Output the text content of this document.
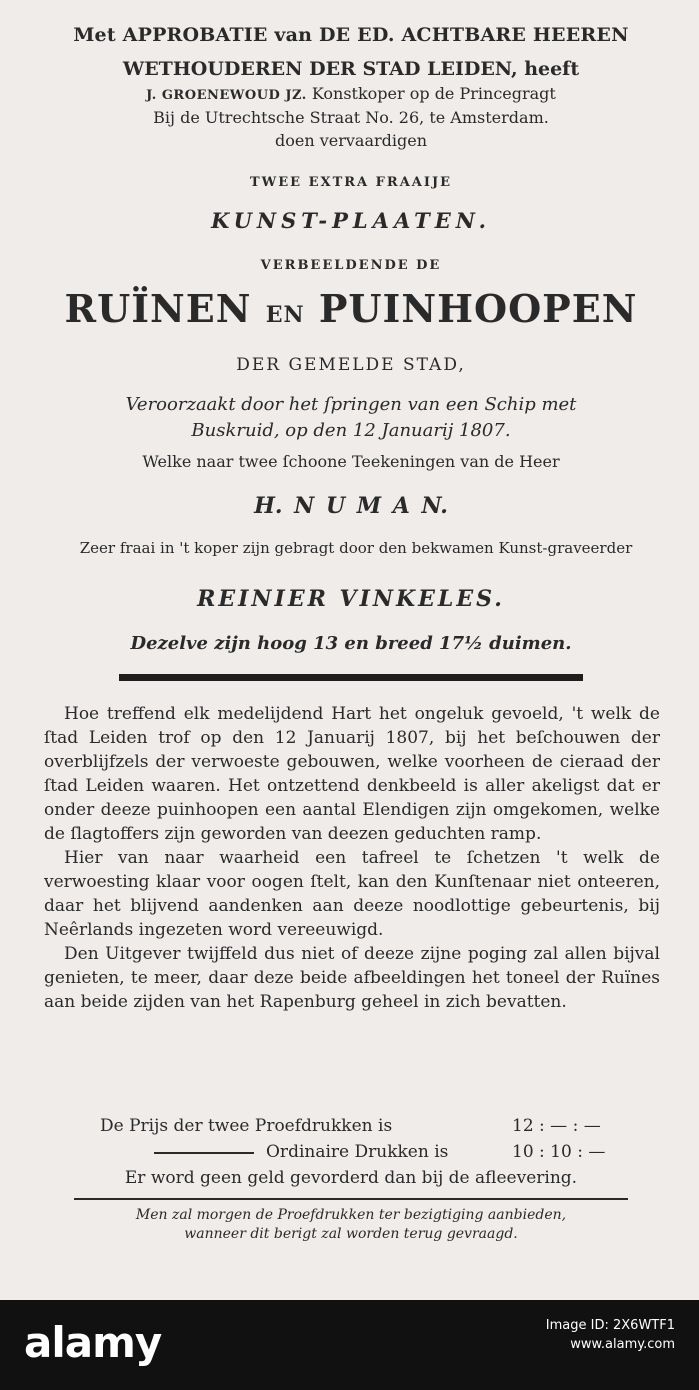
Met APPROBATIE van DE ED. ACHTBARE HEEREN

WETHOUDEREN DER STAD LEIDEN, heeft

J. GROENEWOUD JZ. Konstkoper op de Princegragt

Bij de Utrechtsche Straat No. 26, te Amsterdam.

doen vervaardigen

TWEE EXTRA FRAAIJE

KUNST-PLAATEN.

VERBEELDENDE DE

RUÏNEN EN PUINHOOPEN

DER GEMELDE STAD,

Veroorzaakt door het ſpringen van een Schip met
Buskruid, op den 12 Januarij 1807.

Welke naar twee ſchoone Teekeningen van de Heer

H. N U M A N.

Zeer fraai in 't koper zijn gebragt door den bekwamen Kunst-graveerder

REINIER VINKELES.

Dezelve zijn hoog 13 en breed 17½ duimen.

Hoe treffend elk medelijdend Hart het ongeluk gevoeld, 't welk de ſtad Leiden trof op den 12 Januarij 1807, bij het beſchouwen der overblijfzels der verwoeste gebouwen, welke voorheen de cieraad der ſtad Leiden waaren. Het ontzettend denkbeeld is aller akeligst dat er onder deeze puinhoopen een aantal Elendigen zijn omgekomen, welke de ſlagtoffers zijn geworden van deezen geduchten ramp.

Hier van naar waarheid een tafreel te ſchetzen 't welk de verwoesting klaar voor oogen ſtelt, kan den Kunſtenaar niet onteeren, daar het blijvend aandenken aan deeze noodlottige gebeurtenis, bij Neêrlands ingezeten word vereeuwigd.

Den Uitgever twijffeld dus niet of deeze zijne poging zal allen bijval genieten, te meer, daar deze beide afbeeldingen het toneel der Ruïnes aan beide zijden van het Rapenburg geheel in zich bevatten.

De Prijs der twee Proefdrukken is	12 : — : —
Ordinaire Drukken is	10 : 10 : —

Er word geen geld gevorderd dan bij de afleevering.

Men zal morgen de Proefdrukken ter bezigtiging aanbieden,
wanneer dit berigt zal worden terug gevraagd.
alamy	Image ID: 2X6WTF1
www.alamy.com
